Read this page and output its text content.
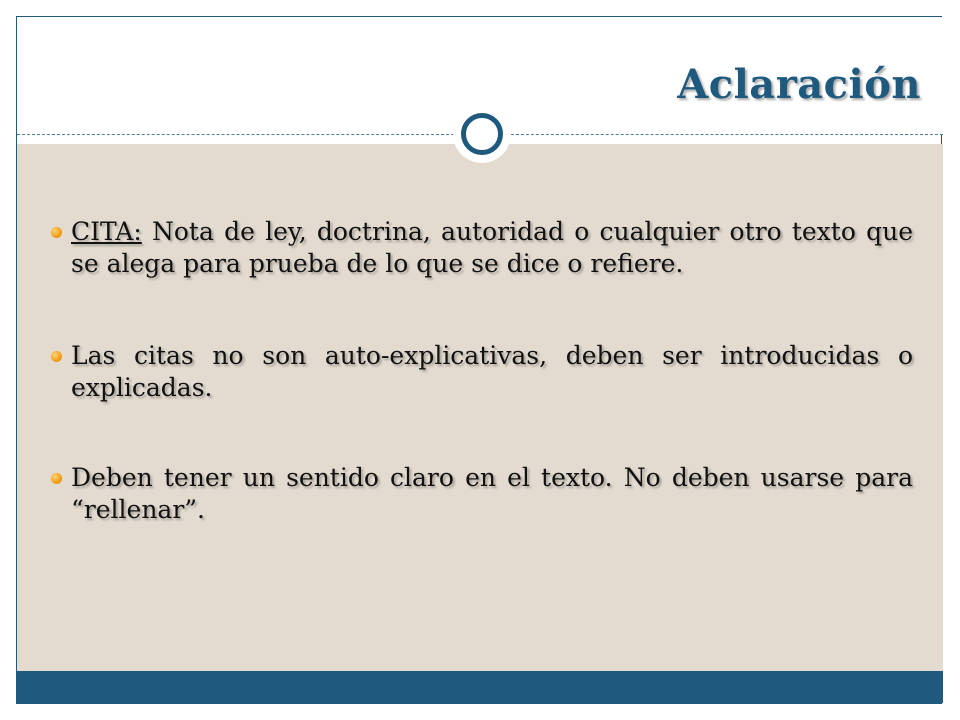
Aclaración
CITA: Nota de ley, doctrina, autoridad o cualquier otro texto que se alega para prueba de lo que se dice o refiere.
Las citas no son auto-explicativas, deben ser introducidas o explicadas.
Deben tener un sentido claro en el texto. No deben usarse para “rellenar”.
